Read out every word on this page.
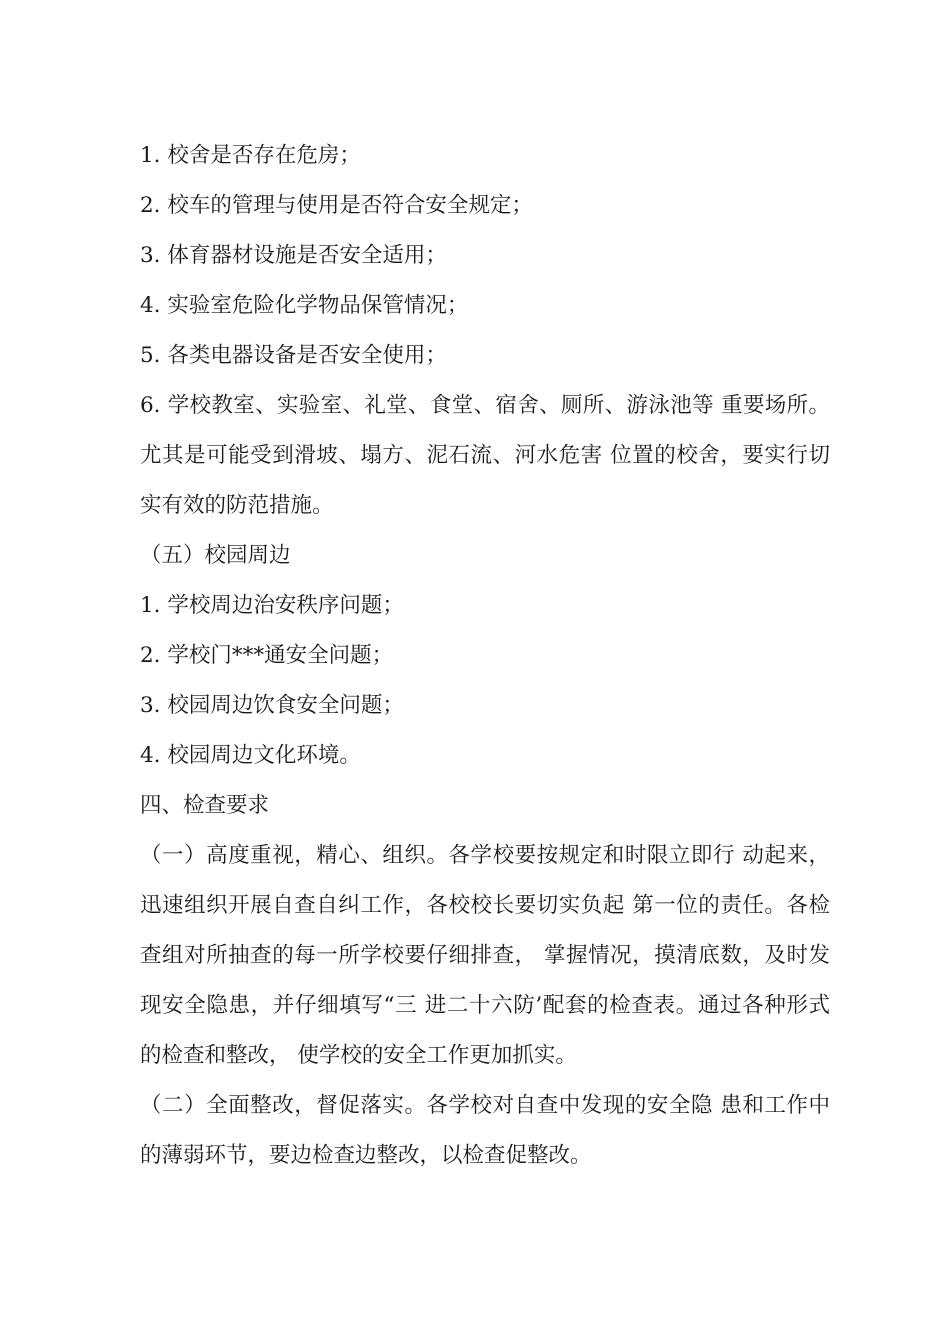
1. 校舍是否存在危房；

2. 校车的管理与使用是否符合安全规定；

3. 体育器材设施是否安全适用；

4. 实验室危险化学物品保管情况；

5. 各类电器设备是否安全使用；

6. 学校教室、实验室、礼堂、食堂、宿舍、厕所、游泳池等 重要场所。尤其是可能受到滑坡、塌方、泥石流、河水危害 位置的校舍，要实行切实有效的防范措施。

（五）校园周边

1. 学校周边治安秩序问题；

2. 学校门***通安全问题；

3. 校园周边饮食安全问题；

4. 校园周边文化环境。

四、检查要求

（一）高度重视，精心、组织。各学校要按规定和时限立即行 动起来，迅速组织开展自查自纠工作，各校校长要切实负起 第一位的责任。各检查组对所抽查的每一所学校要仔细排查， 掌握情况，摸清底数，及时发现安全隐患，并仔细填写“三 进二十六防’配套的检查表。通过各种形式的检查和整改， 使学校的安全工作更加抓实。

（二）全面整改，督促落实。各学校对自查中发现的安全隐 患和工作中的薄弱环节，要边检查边整改，以检查促整改。
